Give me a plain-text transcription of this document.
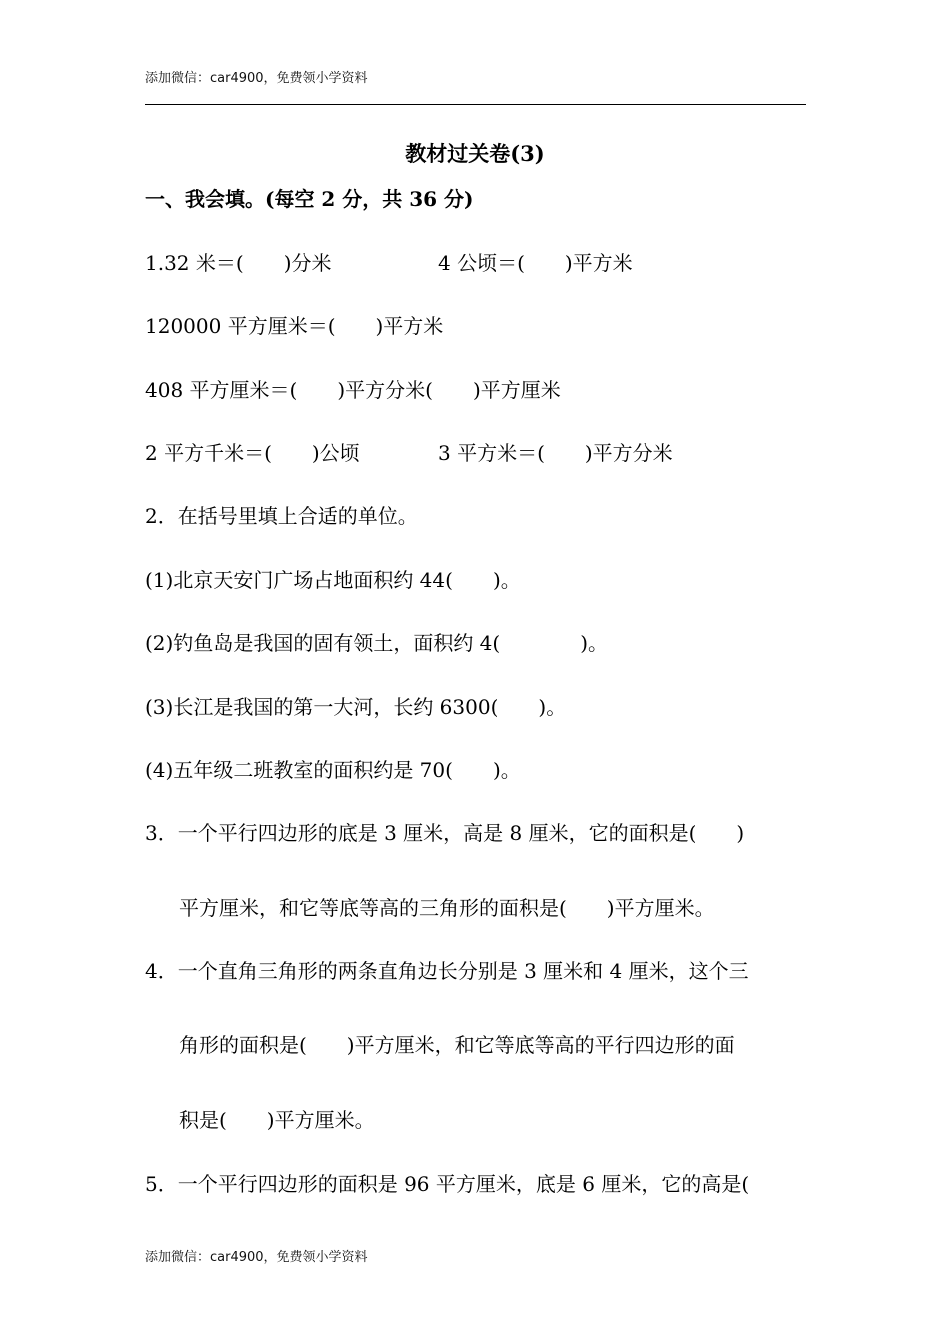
添加微信：car4900，免费领小学资料
教材过关卷(3)
一、我会填。(每空 2 分，共 36 分)
1.32 米＝(　　)分米	4 公顷＝(　　)平方米
120000 平方厘米＝(　　)平方米
408 平方厘米＝(　　)平方分米(　　)平方厘米
2 平方千米＝(　　)公顷	3 平方米＝(　　)平方分米
2．在括号里填上合适的单位。
(1)北京天安门广场占地面积约 44(　　)。
(2)钓鱼岛是我国的固有领土，面积约 4(　　　　)。
(3)长江是我国的第一大河，长约 6300(　　)。
(4)五年级二班教室的面积约是 70(　　)。
3．一个平行四边形的底是 3 厘米，高是 8 厘米，它的面积是(　　)
平方厘米，和它等底等高的三角形的面积是(　　)平方厘米。
4．一个直角三角形的两条直角边长分别是 3 厘米和 4 厘米，这个三
角形的面积是(　　)平方厘米，和它等底等高的平行四边形的面
积是(　　)平方厘米。
5．一个平行四边形的面积是 96 平方厘米，底是 6 厘米，它的高是(
添加微信：car4900，免费领小学资料
